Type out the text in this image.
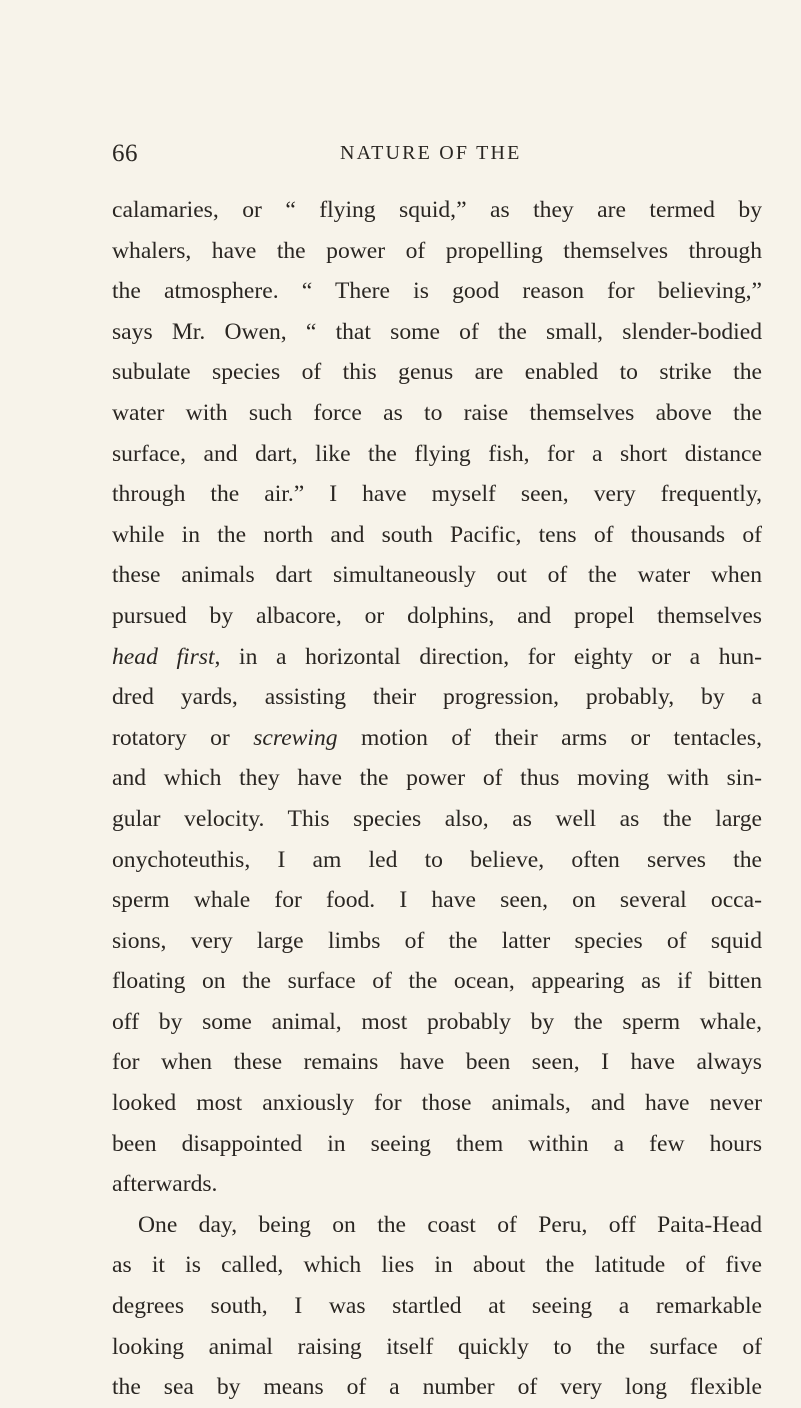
66	NATURE OF THE
calamaries, or “ flying squid,” as they are termed by
whalers, have the power of propelling themselves through
the atmosphere. “ There is good reason for believing,”
says Mr. Owen, “ that some of the small, slender-bodied
subulate species of this genus are enabled to strike the
water with such force as to raise themselves above the
surface, and dart, like the flying fish, for a short distance
through the air.” I have myself seen, very frequently,
while in the north and south Pacific, tens of thousands of
these animals dart simultaneously out of the water when
pursued by albacore, or dolphins, and propel themselves
head first, in a horizontal direction, for eighty or a hun-
dred yards, assisting their progression, probably, by a
rotatory or screwing motion of their arms or tentacles,
and which they have the power of thus moving with sin-
gular velocity. This species also, as well as the large
onychoteuthis, I am led to believe, often serves the
sperm whale for food. I have seen, on several occa-
sions, very large limbs of the latter species of squid
floating on the surface of the ocean, appearing as if bitten
off by some animal, most probably by the sperm whale,
for when these remains have been seen, I have always
looked most anxiously for those animals, and have never
been disappointed in seeing them within a few hours
afterwards.
One day, being on the coast of Peru, off Paita-Head
as it is called, which lies in about the latitude of five
degrees south, I was startled at seeing a remarkable
looking animal raising itself quickly to the surface of
the sea by means of a number of very long flexible
